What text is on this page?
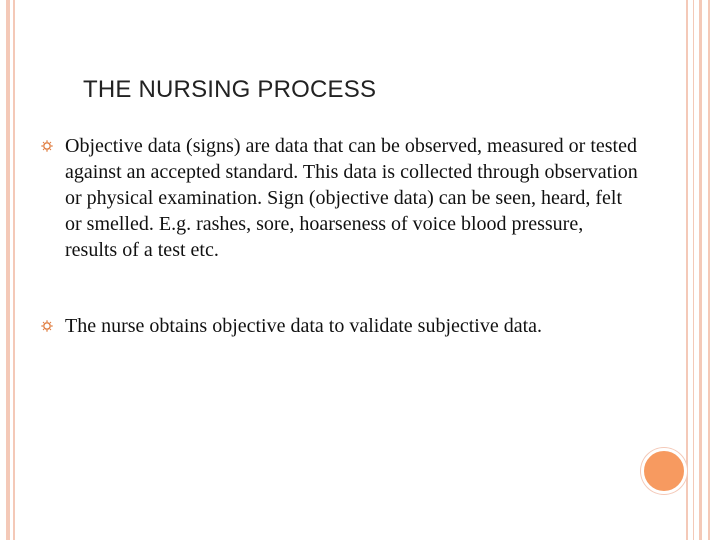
THE NURSING PROCESS
Objective data (signs) are data that can be observed, measured or tested against an accepted standard. This data is collected through observation or physical examination. Sign (objective data) can be seen, heard, felt or smelled. E.g. rashes, sore, hoarseness of voice blood pressure, results of a test etc.
The nurse obtains objective data to validate subjective data.
